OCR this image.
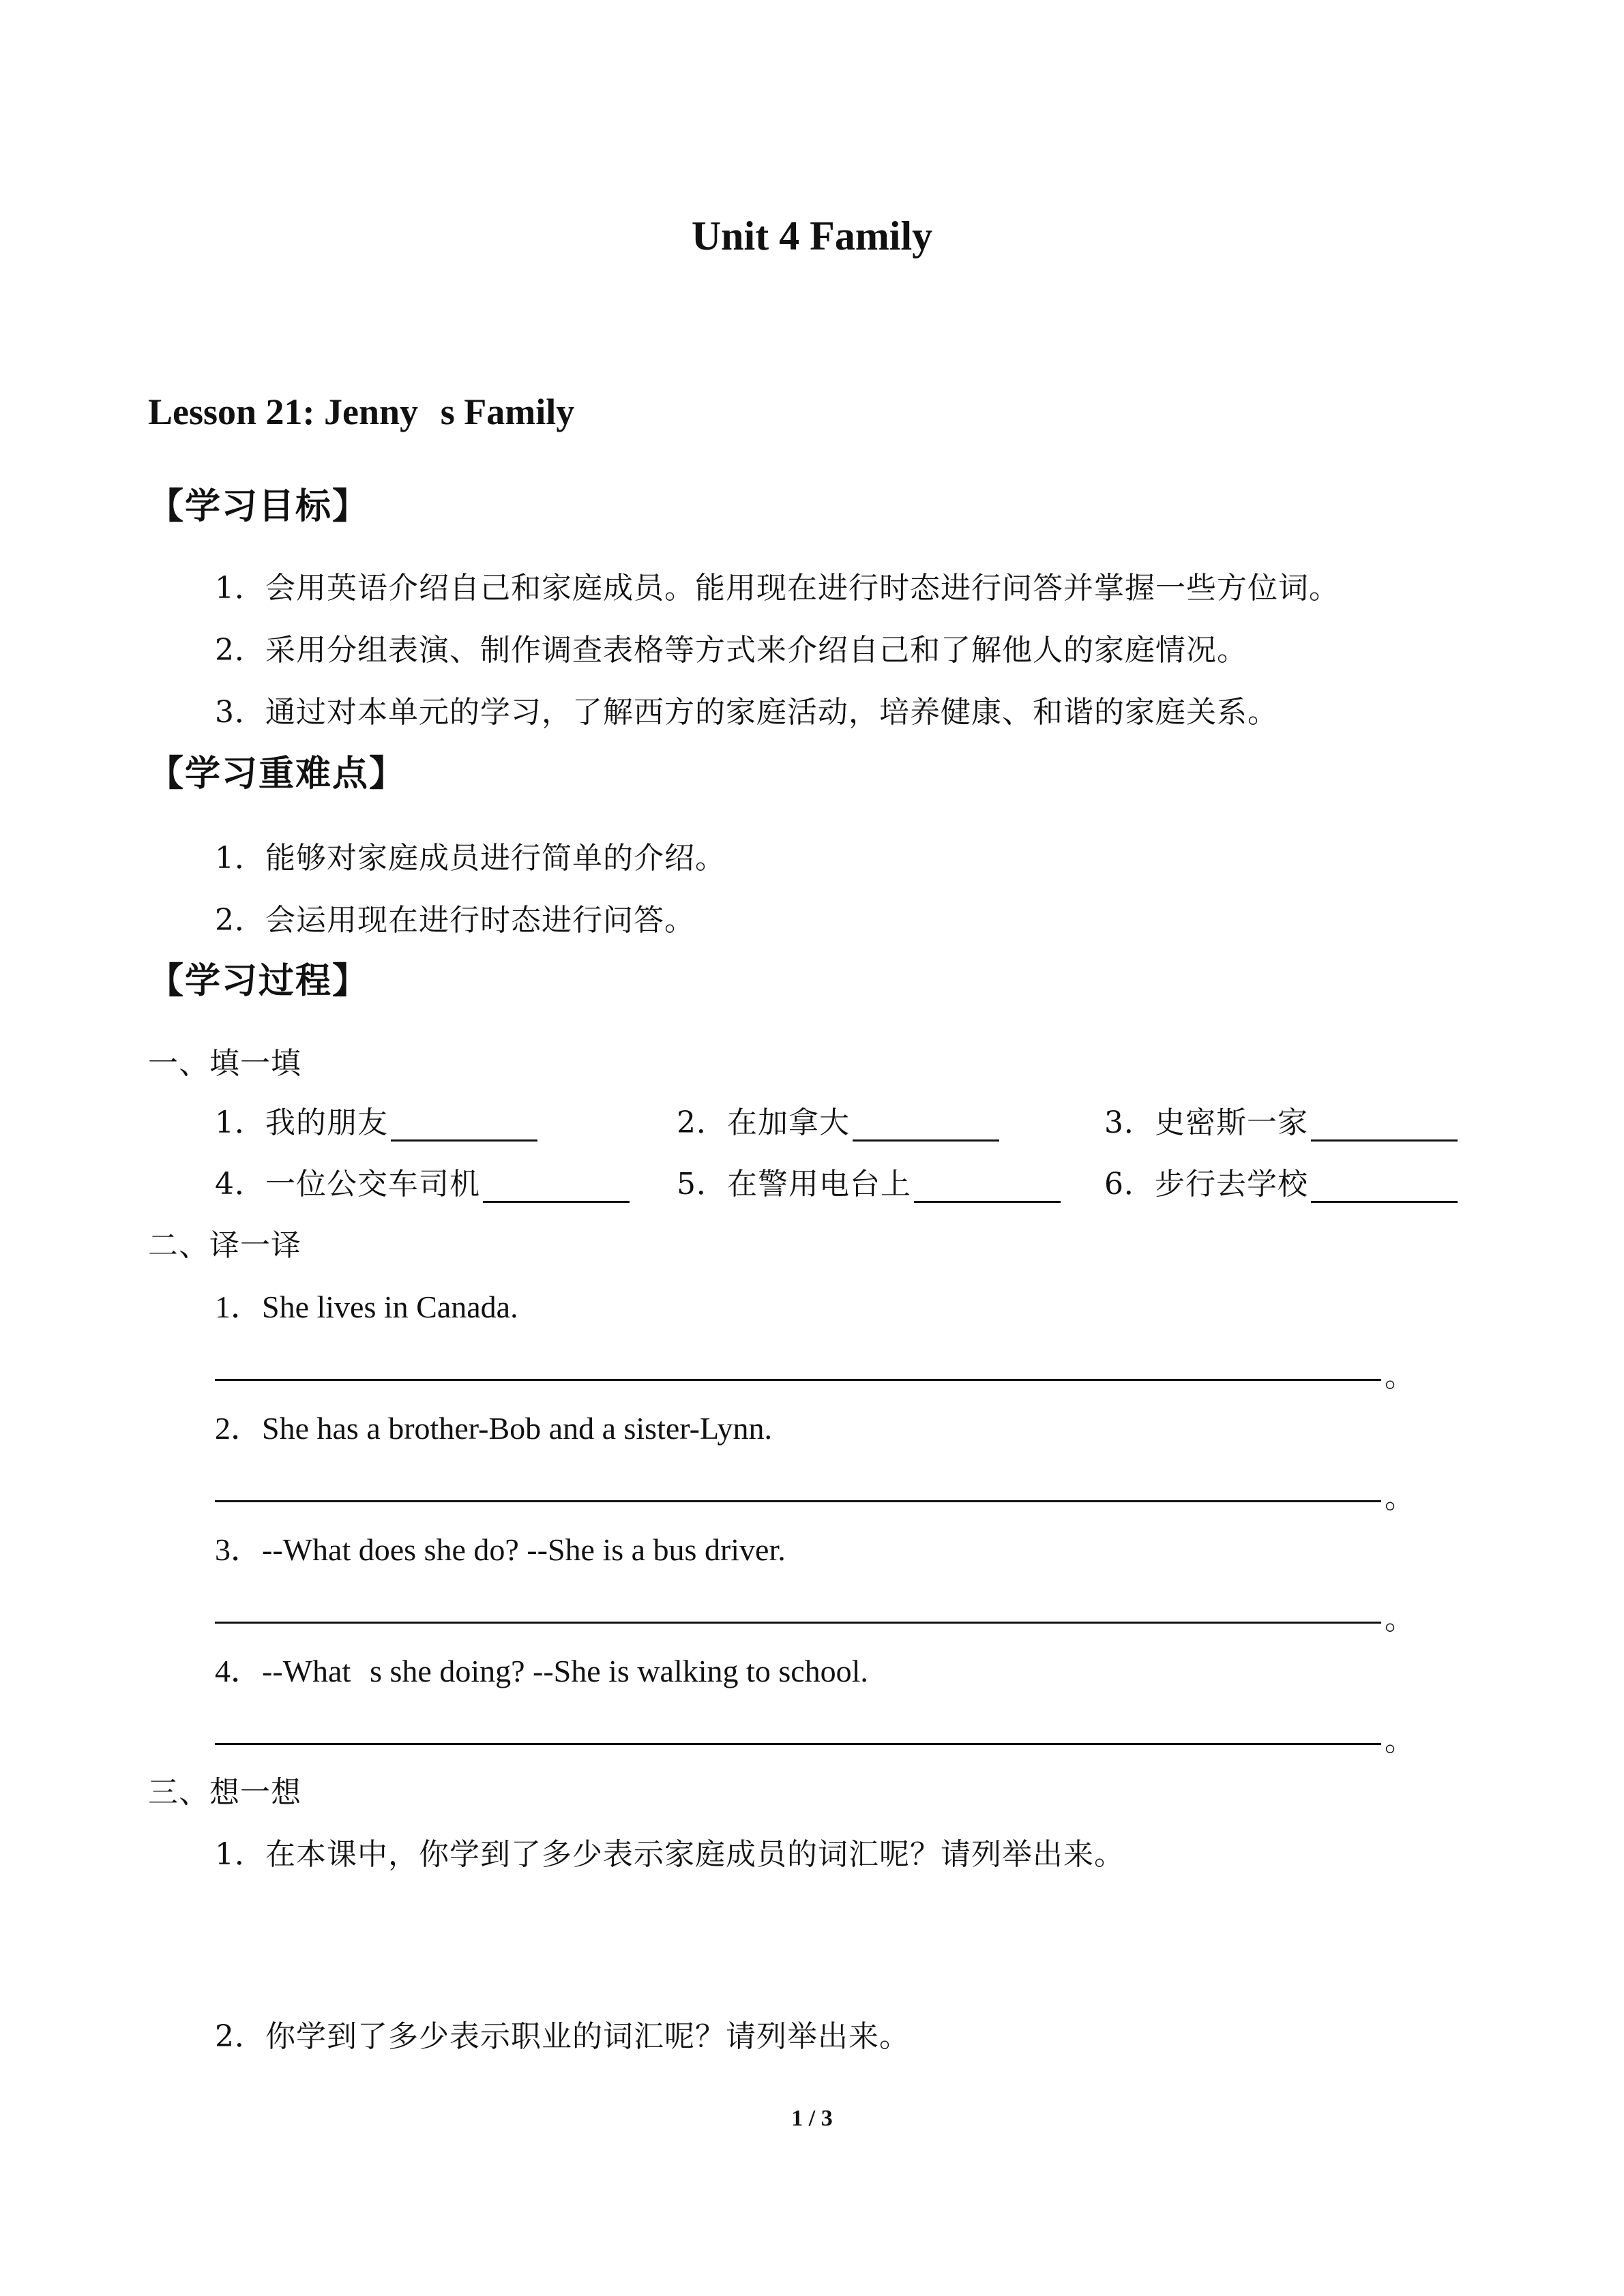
Unit 4 Family
Lesson 21: Jennys Family
【学习目标】
1．会用英语介绍自己和家庭成员。能用现在进行时态进行问答并掌握一些方位词。
2．采用分组表演、制作调查表格等方式来介绍自己和了解他人的家庭情况。
3．通过对本单元的学习，了解西方的家庭活动，培养健康、和谐的家庭关系。
【学习重难点】
1．能够对家庭成员进行简单的介绍。
2．会运用现在进行时态进行问答。
【学习过程】
一、填一填
1．我的朋友	2．在加拿大	3．史密斯一家
4．一位公交车司机	5．在警用电台上	6．步行去学校
二、译一译
1．She lives in Canada.
。
2．She has a brother-Bob and a sister-Lynn.
。
3．--What does she do? --She is a bus driver.
。
4．--Whats she doing? --She is walking to school.
。
三、想一想
1．在本课中，你学到了多少表示家庭成员的词汇呢？请列举出来。
2．你学到了多少表示职业的词汇呢？请列举出来。
1 / 3
